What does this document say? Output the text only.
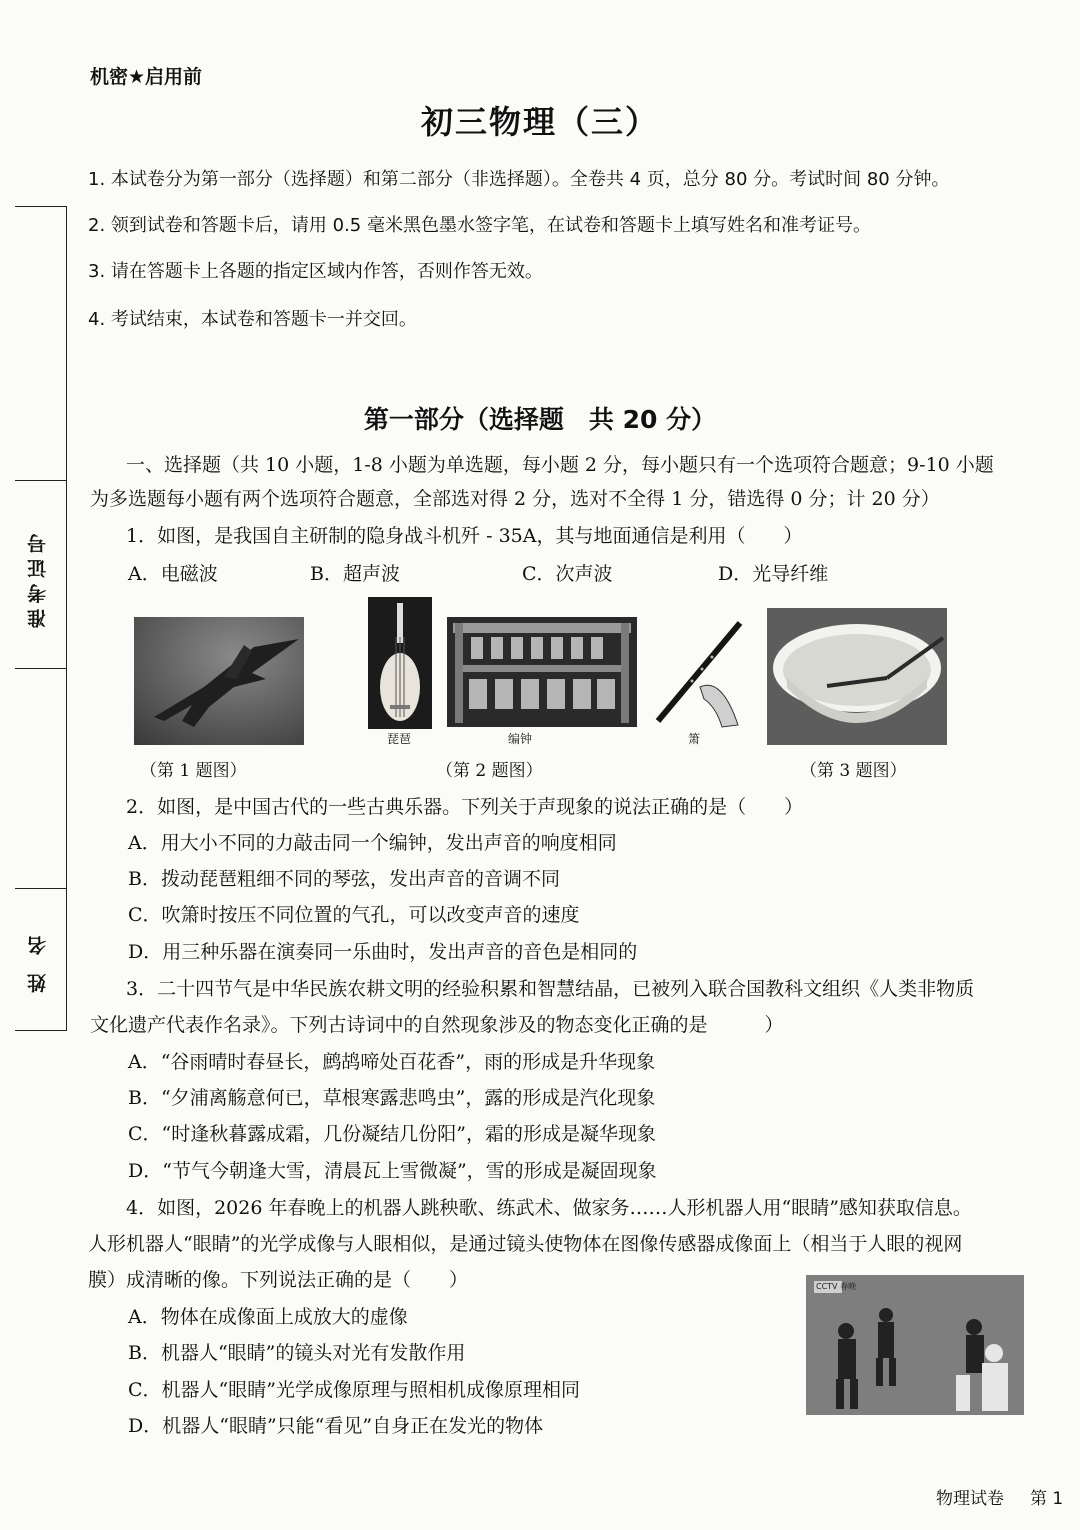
准考证号
姓 名
机密★启用前
初三物理（三）
1. 本试卷分为第一部分（选择题）和第二部分（非选择题）。全卷共 4 页，总分 80 分。考试时间 80 分钟。
2. 领到试卷和答题卡后，请用 0.5 毫米黑色墨水签字笔，在试卷和答题卡上填写姓名和准考证号。
3. 请在答题卡上各题的指定区域内作答，否则作答无效。
4. 考试结束，本试卷和答题卡一并交回。
第一部分（选择题　共 20 分）
一、选择题（共 10 小题，1-8 小题为单选题，每小题 2 分，每小题只有一个选项符合题意；9-10 小题
为多选题每小题有两个选项符合题意，全部选对得 2 分，选对不全得 1 分，错选得 0 分；计 20 分）
1．如图，是我国自主研制的隐身战斗机歼 - 35A，其与地面通信是利用（　　）
A．电磁波	B．超声波	C．次声波	D．光导纤维
琵琶	编钟	箫
（第 1 题图）	（第 2 题图）	（第 3 题图）
2．如图，是中国古代的一些古典乐器。下列关于声现象的说法正确的是（　　）
A．用大小不同的力敲击同一个编钟，发出声音的响度相同
B．拨动琵琶粗细不同的琴弦，发出声音的音调不同
C．吹箫时按压不同位置的气孔，可以改变声音的速度
D．用三种乐器在演奏同一乐曲时，发出声音的音色是相同的
3．二十四节气是中华民族农耕文明的经验积累和智慧结晶，已被列入联合国教科文组织《人类非物质
文化遗产代表作名录》。下列古诗词中的自然现象涉及的物态变化正确的是　　　）
A．“谷雨晴时春昼长，鹧鸪啼处百花香”，雨的形成是升华现象
B．“夕浦离觞意何已，草根寒露悲鸣虫”，露的形成是汽化现象
C．“时逢秋暮露成霜，几份凝结几份阳”，霜的形成是凝华现象
D．“节气今朝逢大雪，清晨瓦上雪微凝”，雪的形成是凝固现象
4．如图，2026 年春晚上的机器人跳秧歌、练武术、做家务……人形机器人用“眼睛”感知获取信息。
人形机器人“眼睛”的光学成像与人眼相似，是通过镜头使物体在图像传感器成像面上（相当于人眼的视网
膜）成清晰的像。下列说法正确的是（　　）
A．物体在成像面上成放大的虚像
B．机器人“眼睛”的镜头对光有发散作用
C．机器人“眼睛”光学成像原理与照相机成像原理相同
D．机器人“眼睛”只能“看见”自身正在发光的物体
CCTV 春晚
物理试卷 第 1
